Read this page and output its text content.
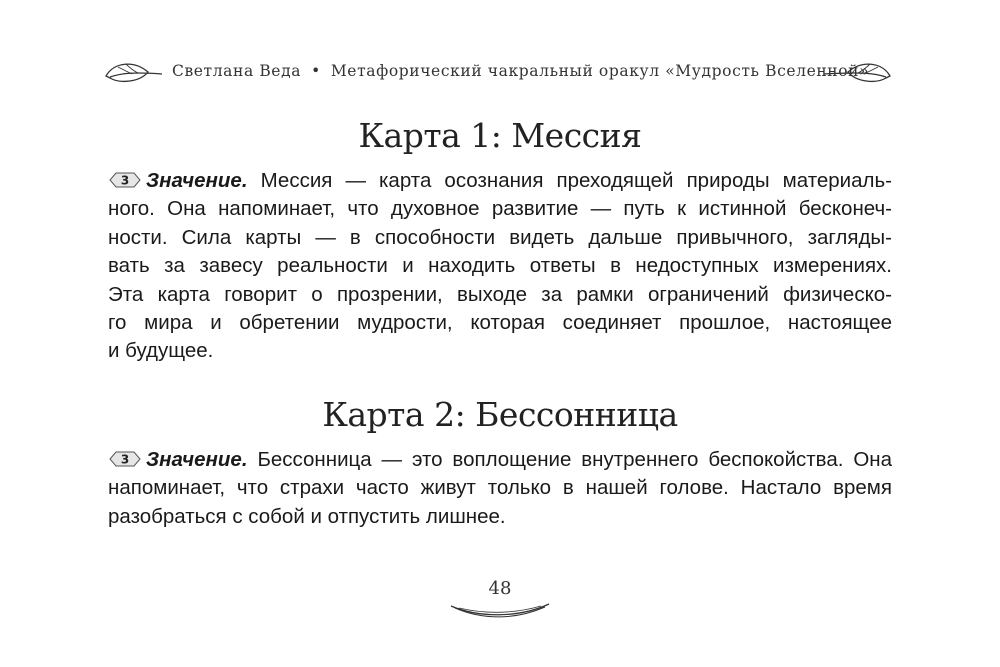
Светлана Веда • Метафорический чакральный оракул «Мудрость Вселенной»
Карта 1: Мессия
3 Значение. Мессия — карта осознания преходящей природы материаль-
ного. Она напоминает, что духовное развитие — путь к истинной бесконеч-
ности. Сила карты — в способности видеть дальше привычного, загляды-
вать за завесу реальности и находить ответы в недоступных измерениях.
Эта карта говорит о прозрении, выходе за рамки ограничений физическо-
го мира и обретении мудрости, которая соединяет прошлое, настоящее
и будущее.
Карта 2: Бессонница
3 Значение. Бессонница — это воплощение внутреннего беспокойства. Она
напоминает, что страхи часто живут только в нашей голове. Настало время
разобраться с собой и отпустить лишнее.
48
